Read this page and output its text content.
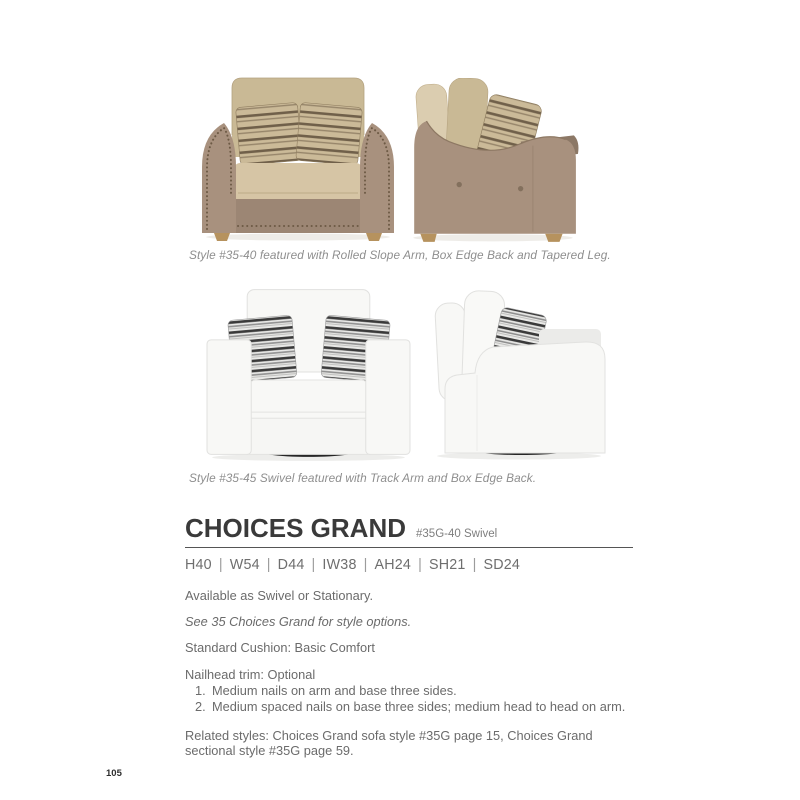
Style #35-40 featured with Rolled Slope Arm, Box Edge Back and Tapered Leg.
Style #35-45 Swivel featured with Track Arm and Box Edge Back.
CHOICES GRAND #35G-40 Swivel
H40 | W54 | D44 | IW38 | AH24 | SH21 | SD24

Available as Swivel or Stationary.

See 35 Choices Grand for style options.

Standard Cushion: Basic Comfort

Nailhead trim: Optional
1. Medium nails on arm and base three sides.
2. Medium spaced nails on base three sides; medium head to head on arm.

Related styles: Choices Grand sofa style #35G page 15, Choices Grand sectional style #35G page 59.

105
